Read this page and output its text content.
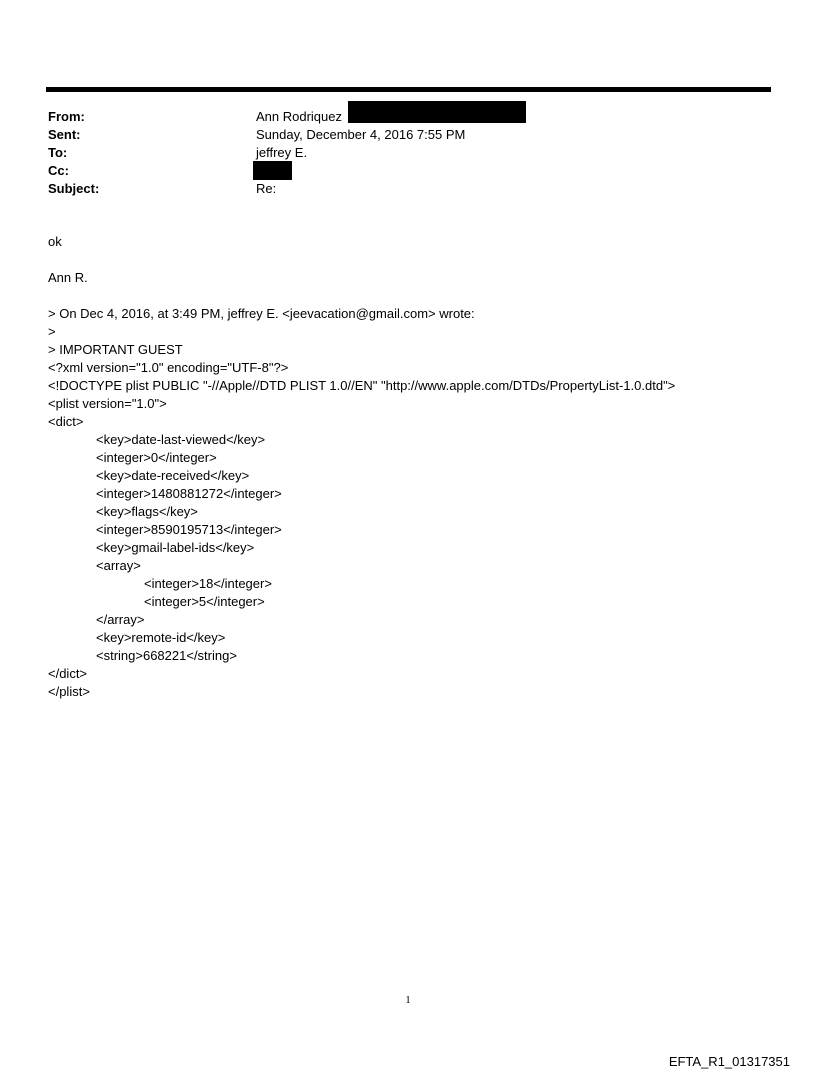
From:
Sent:
To:
Cc:
Subject:
Ann Rodriquez
Sunday, December 4, 2016 7:55 PM
jeffrey E.
Re:
ok
Ann R.
> On Dec 4, 2016, at 3:49 PM, jeffrey E. <jeevacation@gmail.com> wrote:
>
> IMPORTANT GUEST
<?xml version="1.0" encoding="UTF-8"?>
<!DOCTYPE plist PUBLIC "-//Apple//DTD PLIST 1.0//EN" "http://www.apple.com/DTDs/PropertyList-1.0.dtd">
<plist version="1.0">
<dict>
<key>date-last-viewed</key>
<integer>0</integer>
<key>date-received</key>
<integer>1480881272</integer>
<key>flags</key>
<integer>8590195713</integer>
<key>gmail-label-ids</key>
<array>
<integer>18</integer>
<integer>5</integer>
</array>
<key>remote-id</key>
<string>668221</string>
</dict>
</plist>
1
EFTA_R1_01317351
